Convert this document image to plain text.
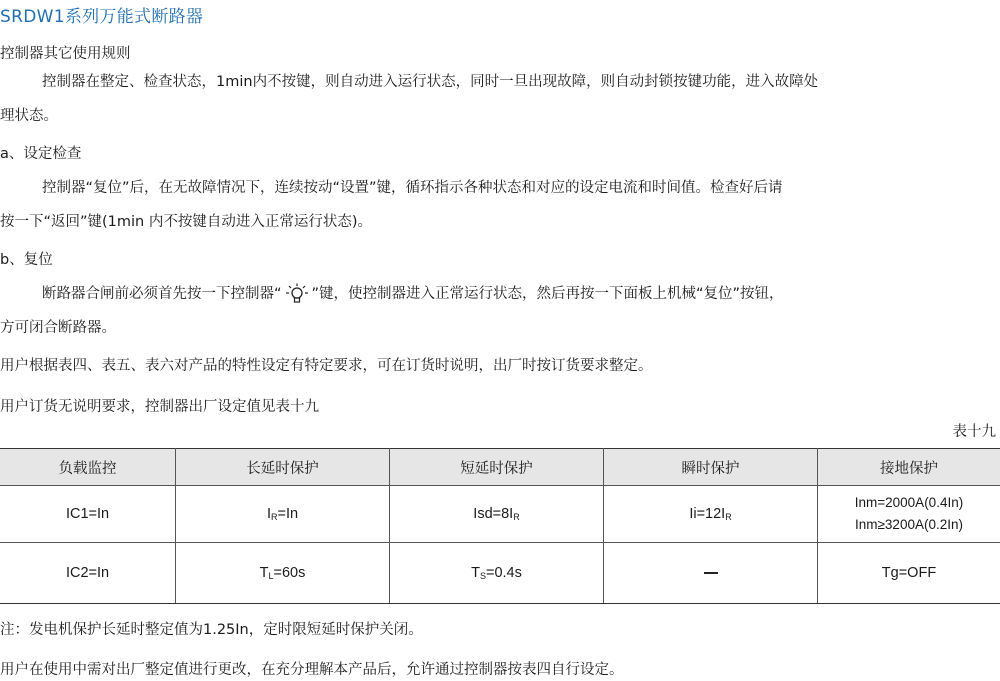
SRDW1系列万能式断路器
控制器其它使用规则
控制器在整定、检查状态，1min内不按键，则自动进入运行状态，同时一旦出现故障，则自动封锁按键功能，进入故障处
理状态。
a、设定检查
控制器“复位”后，在无故障情况下，连续按动“设置”键，循环指示各种状态和对应的设定电流和时间值。检查好后请
按一下“返回”键(1min 内不按键自动进入正常运行状态)。
b、复位
断路器合闸前必须首先按一下控制器“ ”键，使控制器进入正常运行状态，然后再按一下面板上机械“复位”按钮，
方可闭合断路器。
用户根据表四、表五、表六对产品的特性设定有特定要求，可在订货时说明，出厂时按订货要求整定。
用户订货无说明要求，控制器出厂设定值见表十九
表十九
负载监控	长延时保护	短延时保护	瞬时保护	接地保护
IC1=In	$I_R=In$	$Isd=8I_R$	$Ii=12I_R$	Inm=2000A(0.4In)
Inm≥3200A(0.2In)

IC2=In	$T_L=60s$	$T_S=0.4s$		Tg=OFF
注：发电机保护长延时整定值为1.25In，定时限短延时保护关闭。
用户在使用中需对出厂整定值进行更改，在充分理解本产品后，允许通过控制器按表四自行设定。
